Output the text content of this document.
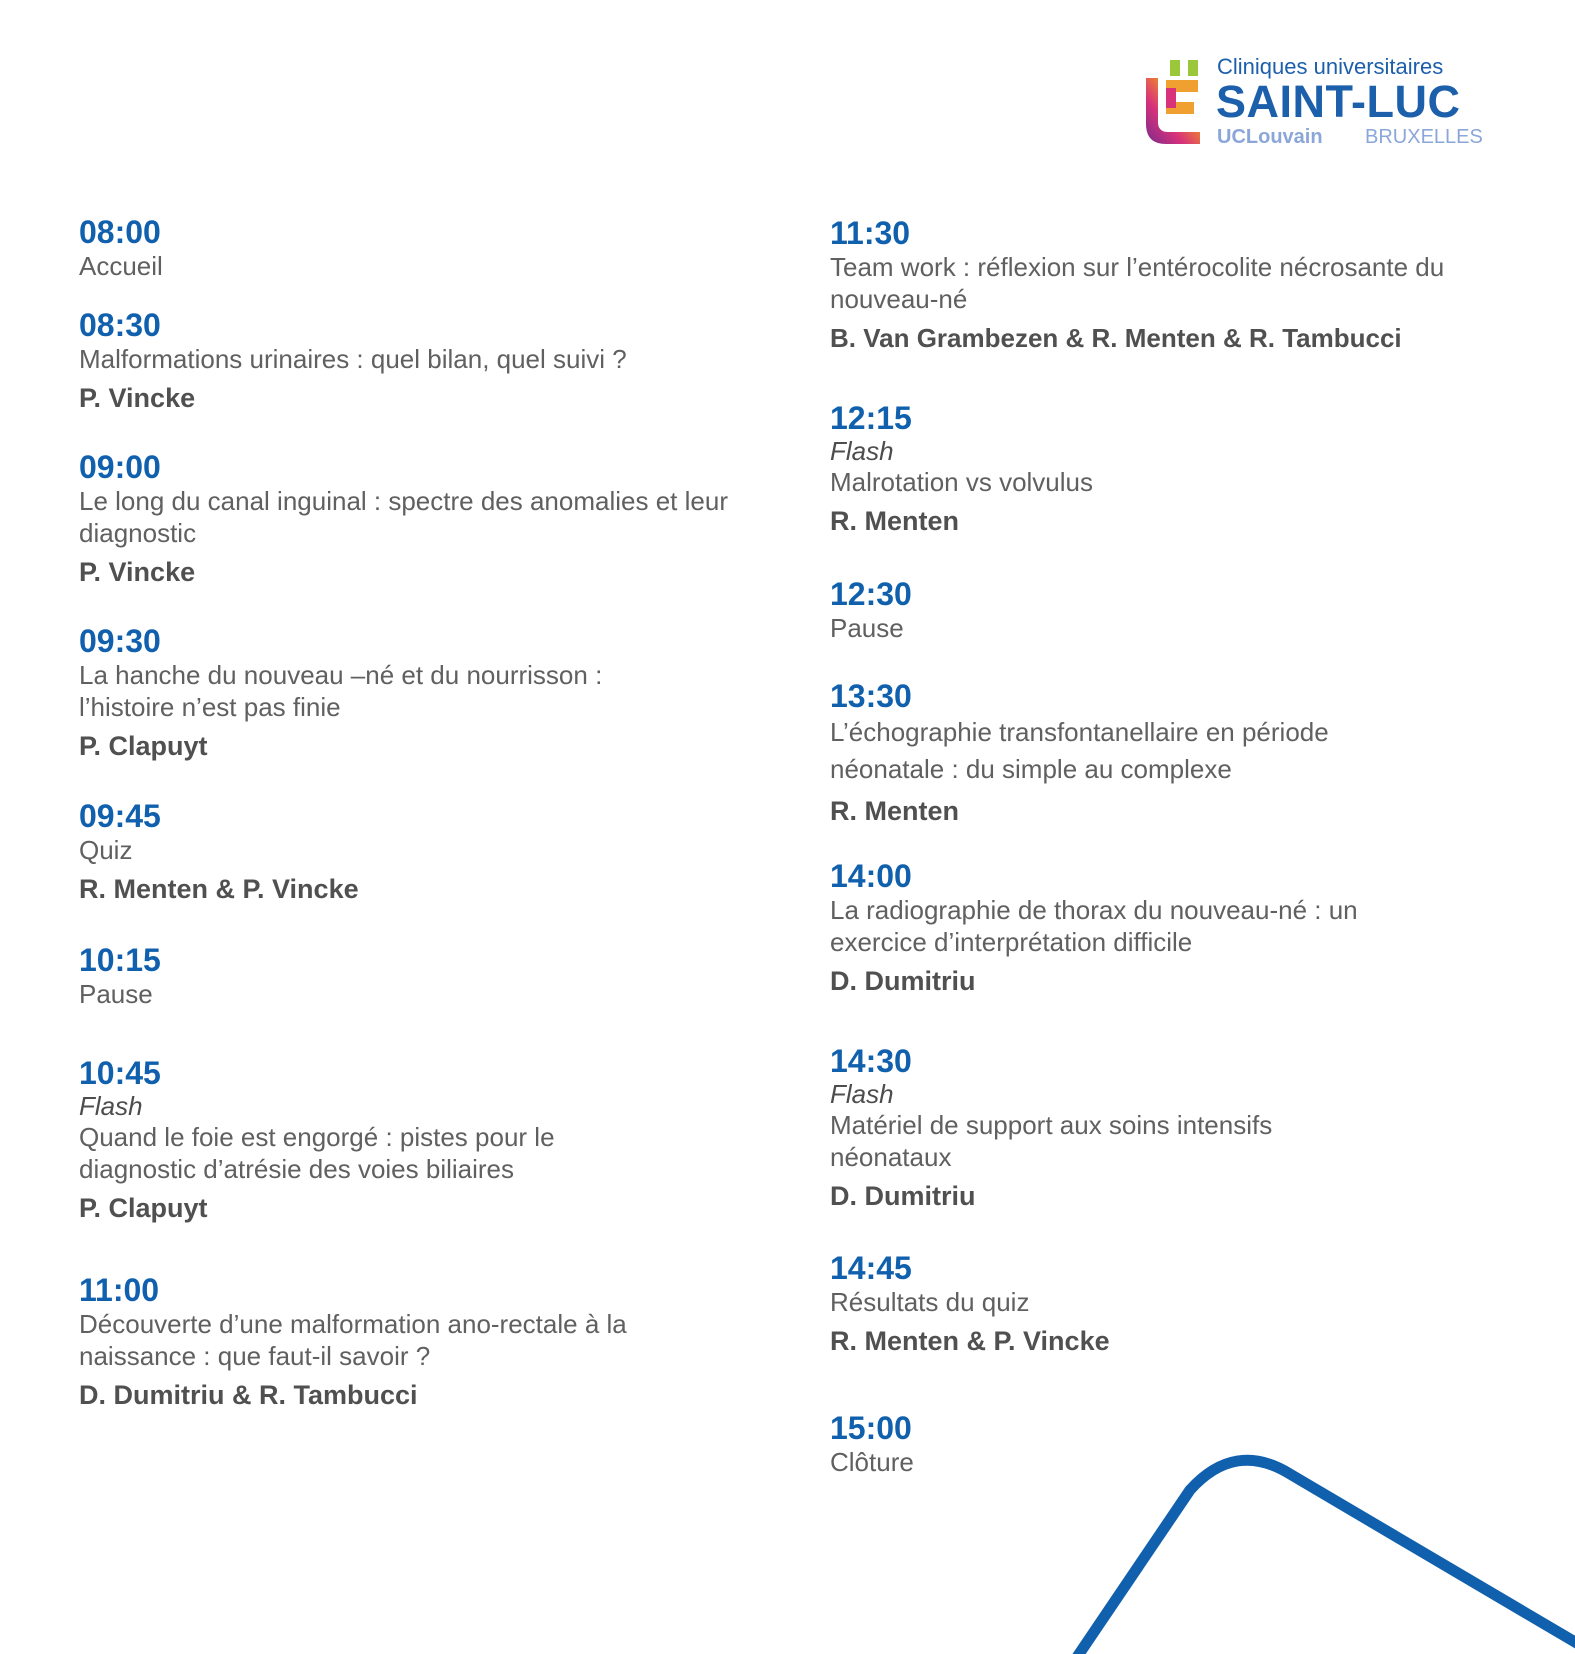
Cliniques universitaires
SAINT-LUC
UCLouvain BRUXELLES
08:00
Accueil
08:30
Malformations urinaires : quel bilan, quel suivi ?
P. Vincke
09:00
Le long du canal inguinal : spectre des anomalies et leur diagnostic
P. Vincke
09:30
La hanche du nouveau –né et du nourrisson : l’histoire n’est pas finie
P. Clapuyt
09:45
Quiz
R. Menten & P. Vincke
10:15
Pause
10:45
Flash
Quand le foie est engorgé : pistes pour le diagnostic d’atrésie des voies biliaires
P. Clapuyt
11:00
Découverte d’une malformation ano-rectale à la naissance : que faut-il savoir ?
D. Dumitriu & R. Tambucci
11:30
Team work : réflexion sur l’entérocolite nécrosante du nouveau-né
B. Van Grambezen & R. Menten & R. Tambucci
12:15
Flash
Malrotation vs volvulus
R. Menten
12:30
Pause
13:30
L’échographie transfontanellaire en période néonatale : du simple au complexe
R. Menten
14:00
La radiographie de thorax du nouveau-né : un exercice d’interprétation difficile
D. Dumitriu
14:30
Flash
Matériel de support aux soins intensifs néonataux
D. Dumitriu
14:45
Résultats du quiz
R. Menten & P. Vincke
15:00
Clôture
